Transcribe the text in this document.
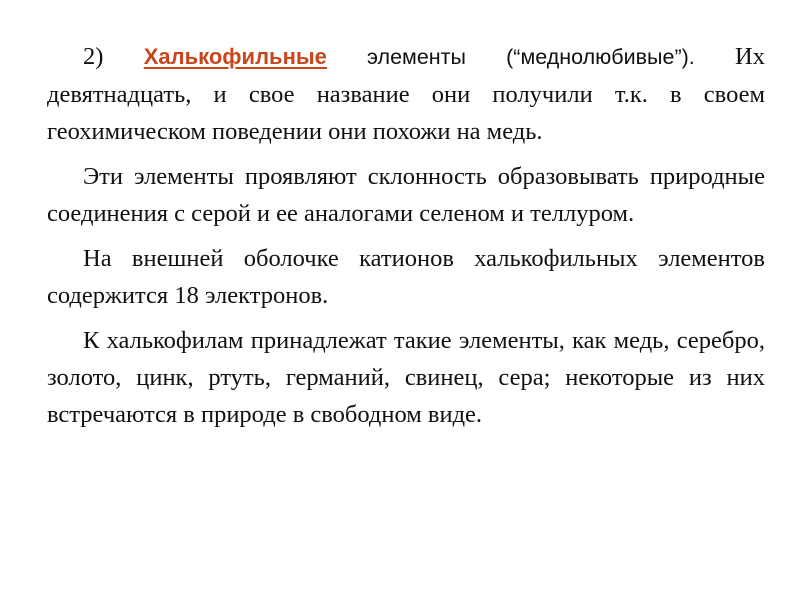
2) Халькофильные элементы (“меднолюбивые”). Их девятнадцать, и свое название они получили т.к. в своем геохимическом поведении они похожи на медь.

Эти элементы проявляют склонность образовывать природные соединения с серой и ее аналогами селеном и теллуром.

На внешней оболочке катионов халькофильных элементов содержится 18 электронов.

К халькофилам принадлежат такие элементы, как медь, серебро, золото, цинк, ртуть, германий, свинец, сера; некоторые из них встречаются в природе в свободном виде.
